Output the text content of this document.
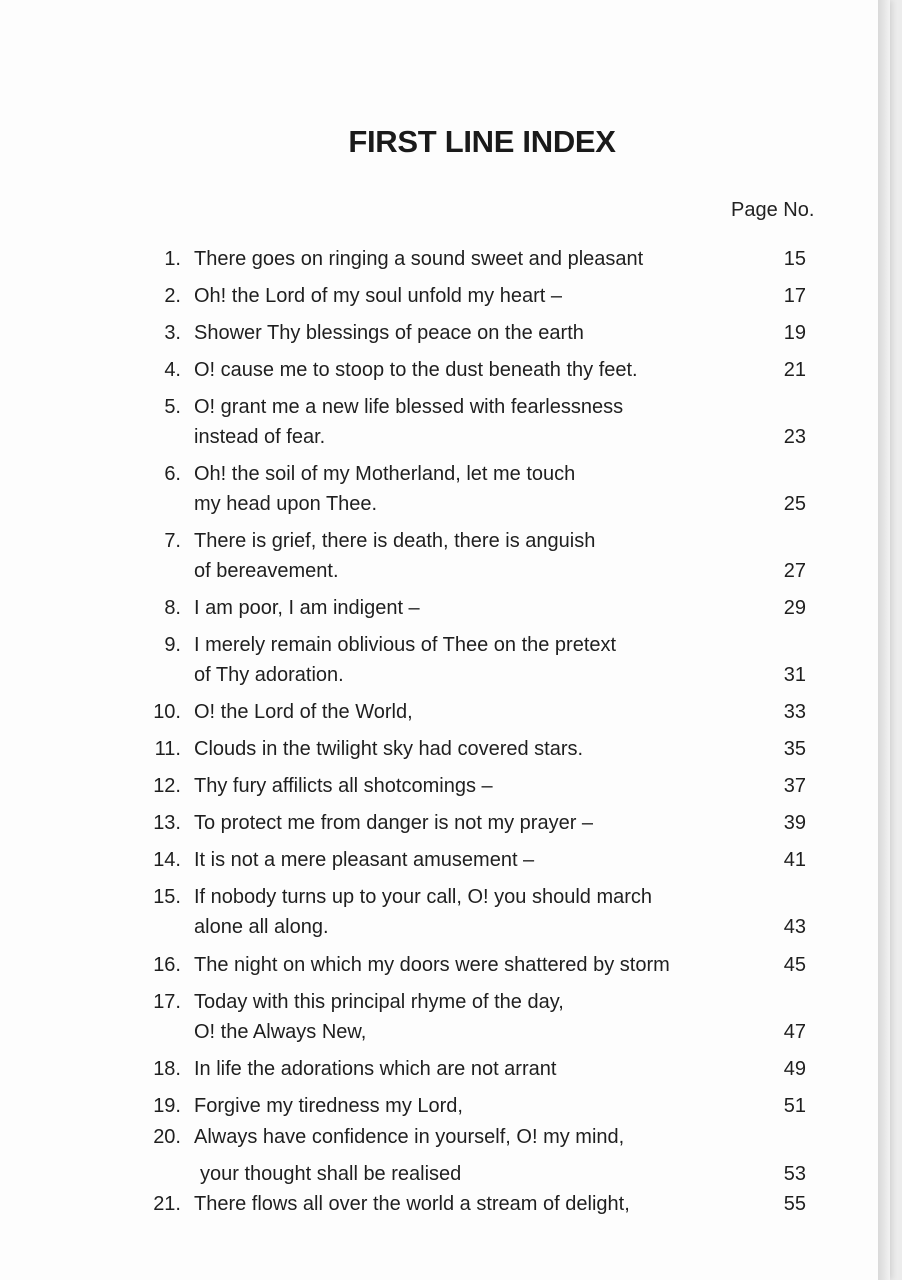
FIRST LINE INDEX
Page No.
1. There goes on ringing a sound sweet and pleasant	15
2. Oh! the Lord of my soul unfold my heart –	17
3. Shower Thy blessings of peace on the earth	19
4. O! cause me to stoop to the dust beneath thy feet.	21
5. O! grant me a new life blessed with fearlessness
instead of fear.	23
6. Oh! the soil of my Motherland, let me touch
my head upon Thee.	25
7. There is grief, there is death, there is anguish
of bereavement.	27
8. I am poor, I am indigent –	29
9. I merely remain oblivious of Thee on the pretext
of Thy adoration.	31
10. O! the Lord of the World,	33
11. Clouds in the twilight sky had covered stars.	35
12. Thy fury affilicts all shotcomings –	37
13. To protect me from danger is not my prayer –	39
14. It is not a mere pleasant amusement –	41
15. If nobody turns up to your call, O! you should march
alone all along.	43
16. The night on which my doors were shattered by storm	45
17. Today with this principal rhyme of the day,
O! the Always New,	47
18. In life the adorations which are not arrant	49
19. Forgive my tiredness my Lord,	51
20. Always have confidence in yourself, O! my mind,
your thought shall be realised	53
21. There flows all over the world a stream of delight,	55
